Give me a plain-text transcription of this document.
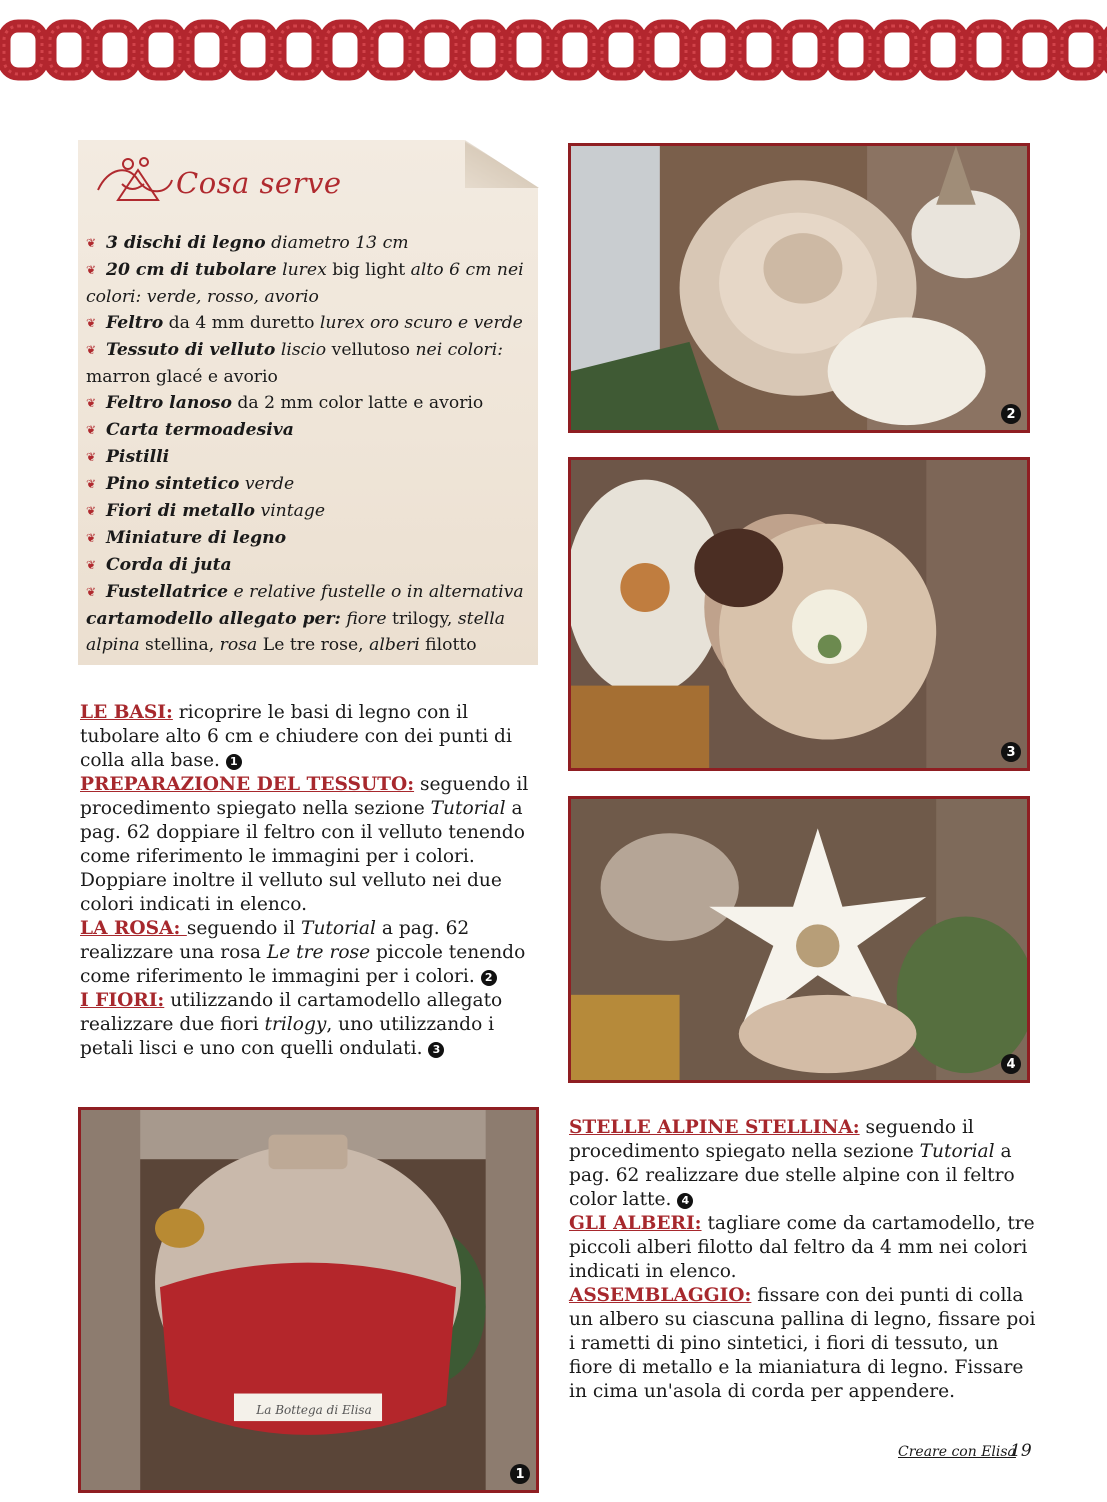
Cosa serve
❦ 3 dischi di legno diametro 13 cm
❦ 20 cm di tubolare lurex big light alto 6 cm nei colori: verde, rosso, avorio
❦ Feltro da 4 mm duretto lurex oro scuro e verde
❦ Tessuto di velluto liscio vellutoso nei colori: marron glacé e avorio
❦ Feltro lanoso da 2 mm color latte e avorio
❦ Carta termoadesiva
❦ Pistilli
❦ Pino sintetico verde
❦ Fiori di metallo vintage
❦ Miniature di legno
❦ Corda di juta
❦ Fustellatrice e relative fustelle o in alternativa cartamodello allegato per: fiore trilogy, stella alpina stellina, rosa Le tre rose, alberi filotto
2
3
4
La Bottega di Elisa
1
LE BASI: ricoprire le basi di legno con il tubolare alto 6 cm e chiudere con dei punti di colla alla base. 1
PREPARAZIONE DEL TESSUTO: seguendo il procedimento spiegato nella sezione Tutorial a pag. 62 doppiare il feltro con il velluto tenendo come riferimento le immagini per i colori. Doppiare inoltre il velluto sul velluto nei due colori indicati in elenco.
LA ROSA: seguendo il Tutorial a pag. 62 realizzare una rosa Le tre rose piccole tenendo come riferimento le immagini per i colori. 2
I FIORI: utilizzando il cartamodello allegato realizzare due fiori trilogy, uno utilizzando i petali lisci e uno con quelli ondulati. 3
STELLE ALPINE STELLINA: seguendo il procedimento spiegato nella sezione Tutorial a pag. 62 realizzare due stelle alpine con il feltro color latte. 4
GLI ALBERI: tagliare come da cartamodello, tre piccoli alberi filotto dal feltro da 4 mm nei colori indicati in elenco.
ASSEMBLAGGIO: fissare con dei punti di colla un albero su ciascuna pallina di legno, fissare poi i rametti di pino sintetici, i fiori di tessuto, un fiore di metallo e la mianiatura di legno. Fissare in cima un'asola di corda per appendere.
Creare con Elisa
19
